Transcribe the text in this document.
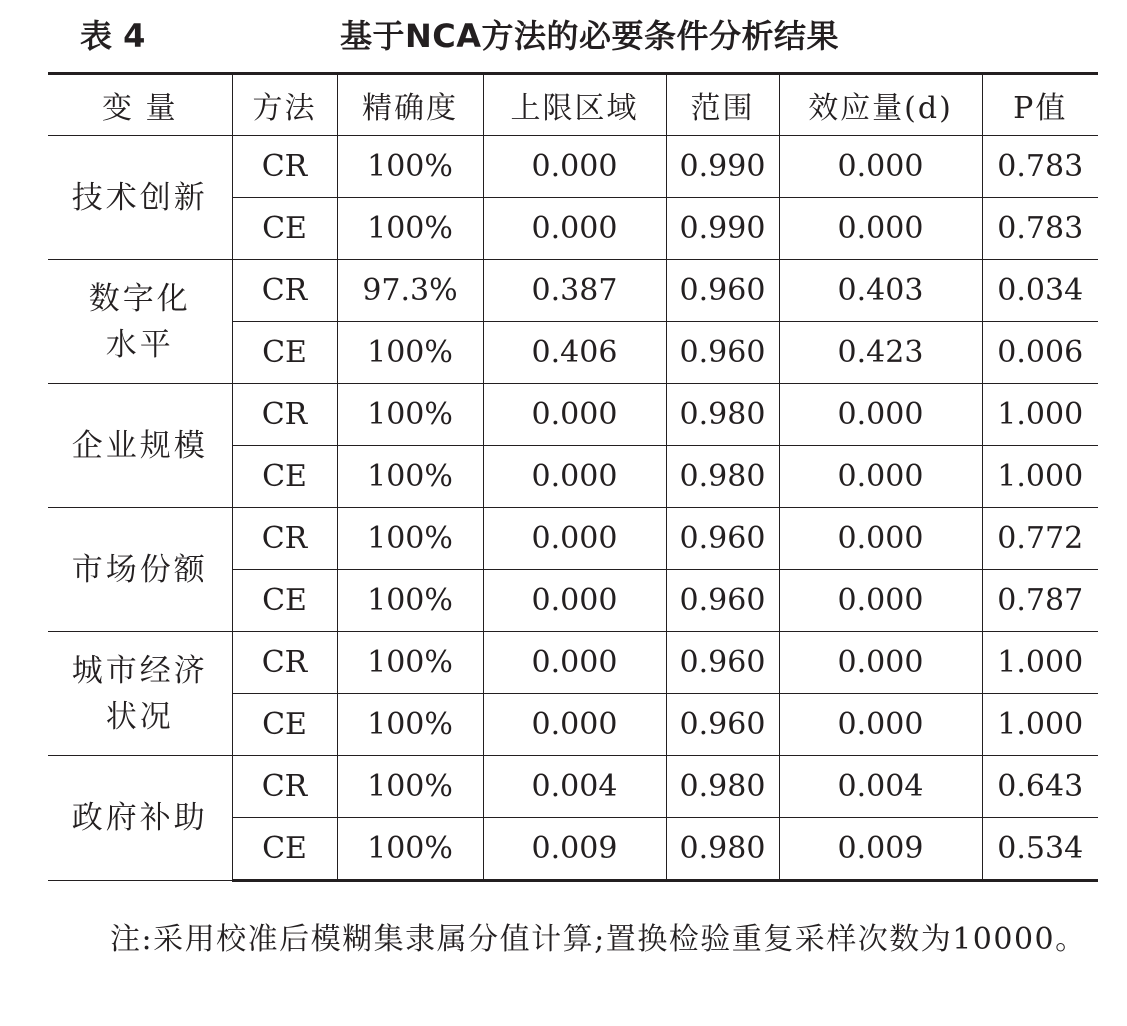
表 4	基于NCA方法的必要条件分析结果
变 量	方法	精确度	上限区域	范围	效应量(d)	P值
技术创新	CR	100%	0.000	0.990	0.000	0.783
	CE	100%	0.000	0.990	0.000	0.783
数字化
水平	CR	97.3%	0.387	0.960	0.403	0.034
	CE	100%	0.406	0.960	0.423	0.006
企业规模	CR	100%	0.000	0.980	0.000	1.000
	CE	100%	0.000	0.980	0.000	1.000
市场份额	CR	100%	0.000	0.960	0.000	0.772
	CE	100%	0.000	0.960	0.000	0.787
城市经济
状况	CR	100%	0.000	0.960	0.000	1.000
	CE	100%	0.000	0.960	0.000	1.000
政府补助	CR	100%	0.004	0.980	0.004	0.643
	CE	100%	0.009	0.980	0.009	0.534
注:采用校准后模糊集隶属分值计算;置换检验重复采样次数为10000。
